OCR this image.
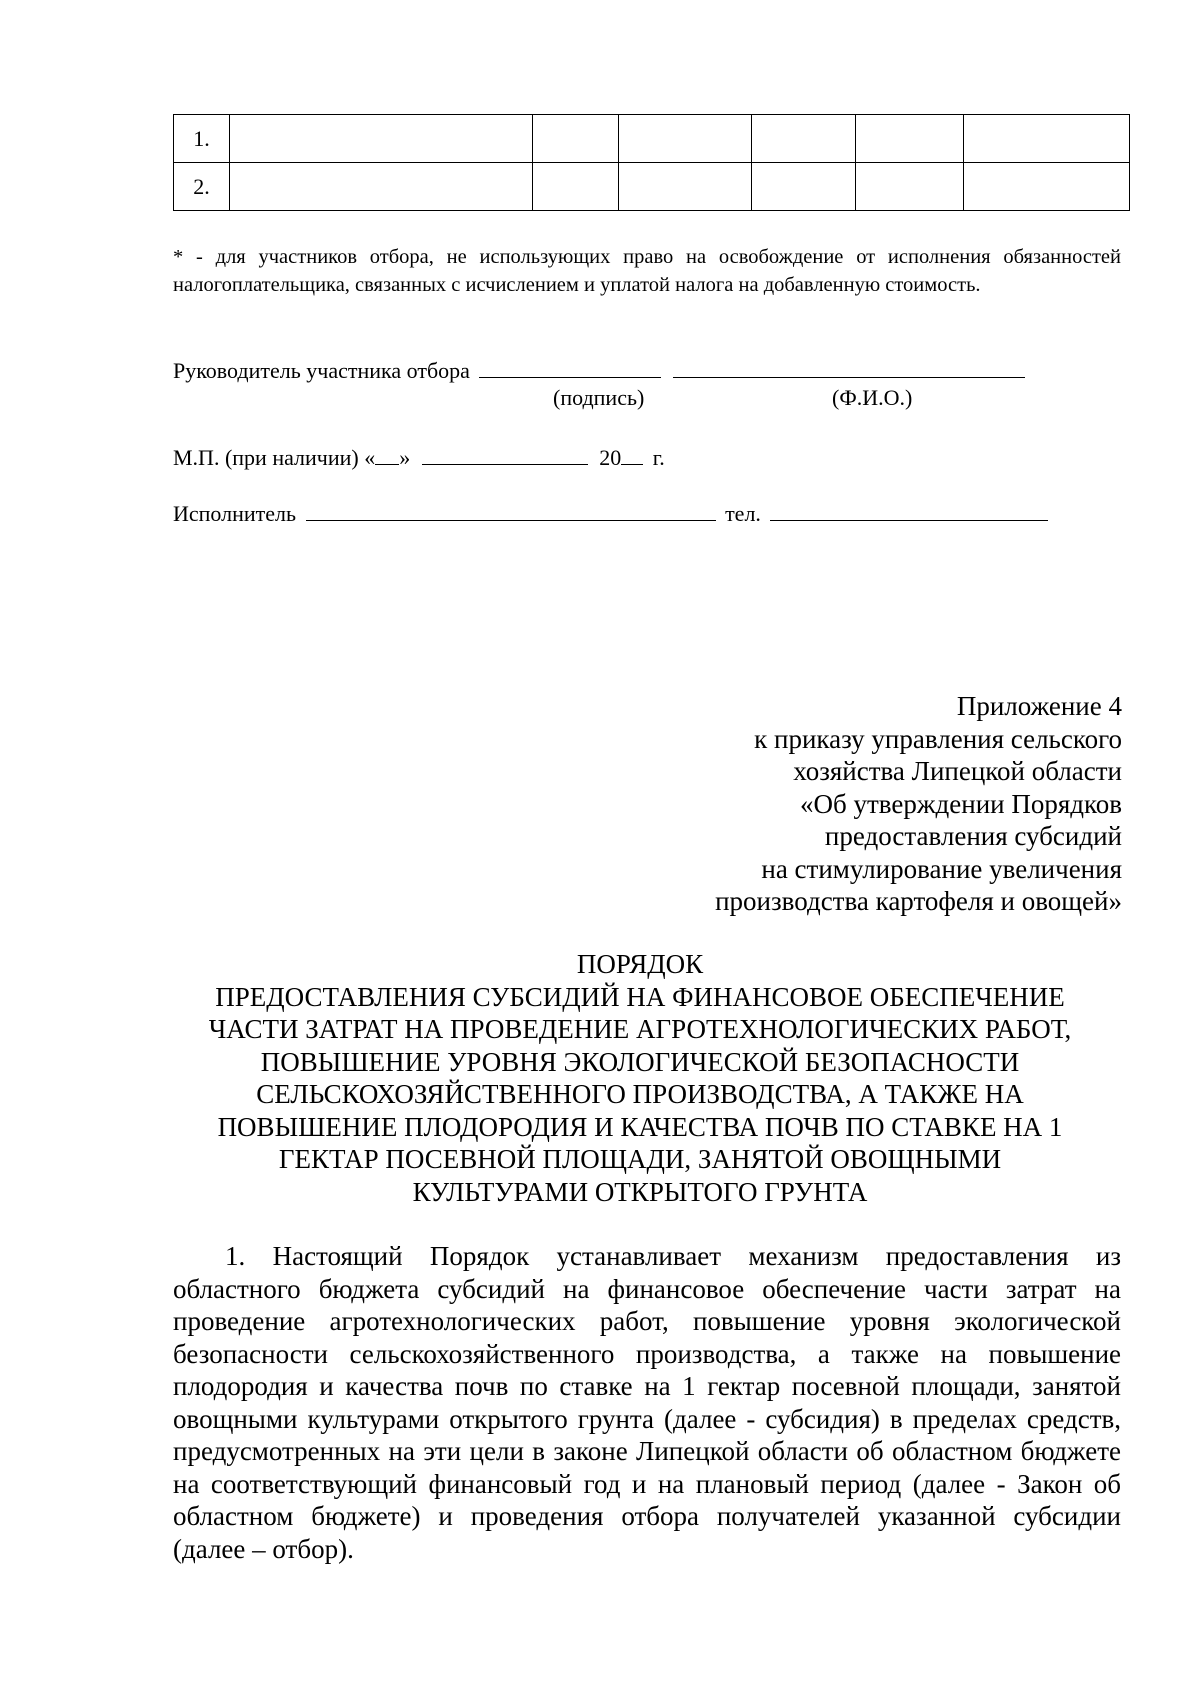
1.						
2.						
* - для участников отбора, не использующих право на освобождение от исполнения обязанностей налогоплательщика, связанных с исчислением и уплатой налога на добавленную стоимость.
Руководитель участника отбора
(подпись)	(Ф.И.О.)
М.П. (при наличии) « »	20 г.
Исполнитель	тел.
Приложение 4
к приказу управления сельского
хозяйства Липецкой области
«Об утверждении Порядков
предоставления субсидий
на стимулирование увеличения
производства картофеля и овощей»
ПОРЯДОК
ПРЕДОСТАВЛЕНИЯ СУБСИДИЙ НА ФИНАНСОВОЕ ОБЕСПЕЧЕНИЕ
ЧАСТИ ЗАТРАТ НА ПРОВЕДЕНИЕ АГРОТЕХНОЛОГИЧЕСКИХ РАБОТ,
ПОВЫШЕНИЕ УРОВНЯ ЭКОЛОГИЧЕСКОЙ БЕЗОПАСНОСТИ
СЕЛЬСКОХОЗЯЙСТВЕННОГО ПРОИЗВОДСТВА, А ТАКЖЕ НА
ПОВЫШЕНИЕ ПЛОДОРОДИЯ И КАЧЕСТВА ПОЧВ ПО СТАВКЕ НА 1
ГЕКТАР ПОСЕВНОЙ ПЛОЩАДИ, ЗАНЯТОЙ ОВОЩНЫМИ
КУЛЬТУРАМИ ОТКРЫТОГО ГРУНТА

1. Настоящий Порядок устанавливает механизм предоставления из областного бюджета субсидий на финансовое обеспечение части затрат на проведение агротехнологических работ, повышение уровня экологической безопасности сельскохозяйственного производства, а также на повышение плодородия и качества почв по ставке на 1 гектар посевной площади, занятой овощными культурами открытого грунта (далее - субсидия) в пределах средств, предусмотренных на эти цели в законе Липецкой области об областном бюджете на соответствующий финансовый год и на плановый период (далее - Закон об областном бюджете) и проведения отбора получателей указанной субсидии (далее – отбор).
